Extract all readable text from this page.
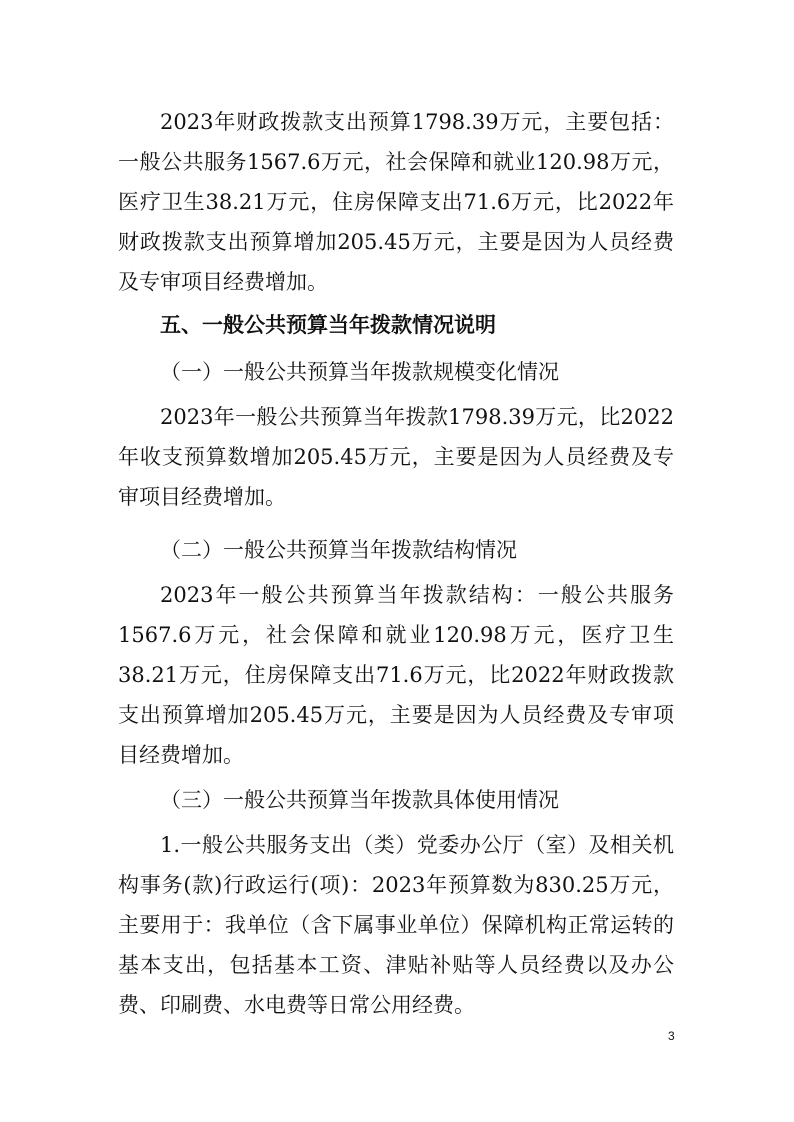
2023年财政拨款支出预算1798.39万元，主要包括：一般公共服务1567.6万元，社会保障和就业120.98万元，医疗卫生38.21万元，住房保障支出71.6万元，比2022年财政拨款支出预算增加205.45万元，主要是因为人员经费及专审项目经费增加。

五、一般公共预算当年拨款情况说明

（一）一般公共预算当年拨款规模变化情况

2023年一般公共预算当年拨款1798.39万元，比2022年收支预算数增加205.45万元，主要是因为人员经费及专审项目经费增加。

（二）一般公共预算当年拨款结构情况

2023年一般公共预算当年拨款结构：一般公共服务1567.6万元，社会保障和就业120.98万元，医疗卫生38.21万元，住房保障支出71.6万元，比2022年财政拨款支出预算增加205.45万元，主要是因为人员经费及专审项目经费增加。

（三）一般公共预算当年拨款具体使用情况

1.一般公共服务支出（类）党委办公厅（室）及相关机构事务(款)行政运行(项)：2023年预算数为830.25万元，主要用于：我单位（含下属事业单位）保障机构正常运转的基本支出，包括基本工资、津贴补贴等人员经费以及办公费、印刷费、水电费等日常公用经费。

3
